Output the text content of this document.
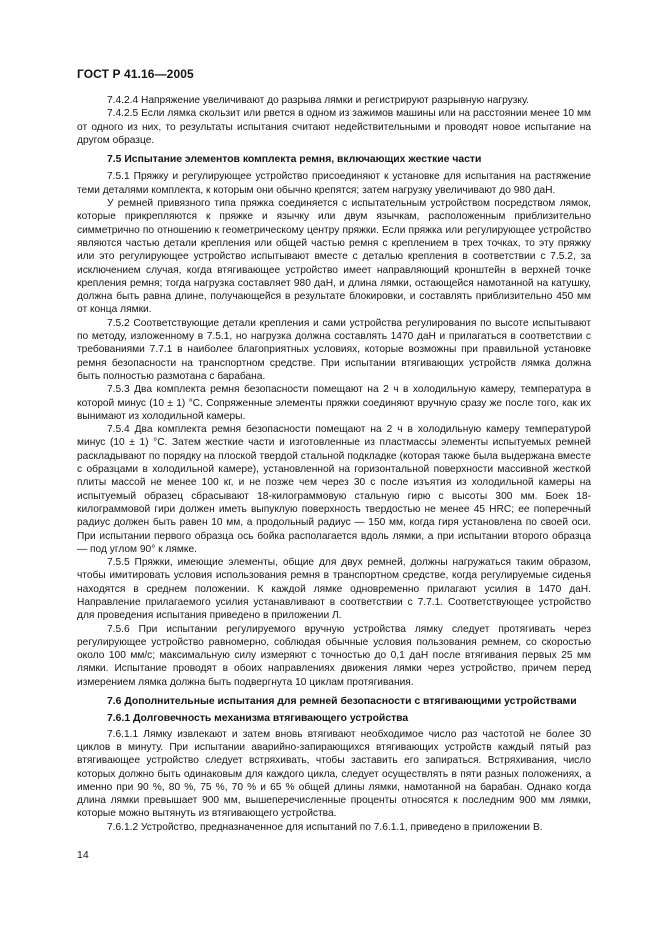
ГОСТ Р 41.16—2005

7.4.2.4 Напряжение увеличивают до разрыва лямки и регистрируют разрывную нагрузку.

7.4.2.5 Если лямка скользит или рвется в одном из зажимов машины или на расстоянии менее 10 мм от одного из них, то результаты испытания считают недействительными и проводят новое испытание на другом образце.

7.5 Испытание элементов комплекта ремня, включающих жесткие части

7.5.1 Пряжку и регулирующее устройство присоединяют к установке для испытания на растяжение теми деталями комплекта, к которым они обычно крепятся; затем нагрузку увеличивают до 980 даН.

У ремней привязного типа пряжка соединяется с испытательным устройством посредством лямок, которые прикрепляются к пряжке и язычку или двум язычкам, расположенным приблизительно симметрично по отношению к геометрическому центру пряжки. Если пряжка или регулирующее устройство являются частью детали крепления или общей частью ремня с креплением в трех точках, то эту пряжку или это регулирующее устройство испытывают вместе с деталью крепления в соответствии с 7.5.2, за исключением случая, когда втягивающее устройство имеет направляющий кронштейн в верхней точке крепления ремня; тогда нагрузка составляет 980 даН, и длина лямки, остающейся намотанной на катушку, должна быть равна длине, получающейся в результате блокировки, и составлять приблизительно 450 мм от конца лямки.

7.5.2 Соответствующие детали крепления и сами устройства регулирования по высоте испытывают по методу, изложенному в 7.5.1, но нагрузка должна составлять 1470 даН и прилагаться в соответствии с требованиями 7.7.1 в наиболее благоприятных условиях, которые возможны при правильной установке ремня безопасности на транспортном средстве. При испытании втягивающих устройств лямка должна быть полностью размотана с барабана.

7.5.3 Два комплекта ремня безопасности помещают на 2 ч в холодильную камеру, температура в которой минус (10 ± 1) °С. Сопряженные элементы пряжки соединяют вручную сразу же после того, как их вынимают из холодильной камеры.

7.5.4 Два комплекта ремня безопасности помещают на 2 ч в холодильную камеру температурой минус (10 ± 1) °С. Затем жесткие части и изготовленные из пластмассы элементы испытуемых ремней раскладывают по порядку на плоской твердой стальной подкладке (которая также была выдержана вместе с образцами в холодильной камере), установленной на горизонтальной поверхности массивной жесткой плиты массой не менее 100 кг, и не позже чем через 30 с после изъятия из холодильной камеры на испытуемый образец сбрасывают 18-килограммовую стальную гирю с высоты 300 мм. Боек 18-килограммовой гири должен иметь выпуклую поверхность твердостью не менее 45 HRC; ее поперечный радиус должен быть равен 10 мм, а продольный радиус — 150 мм, когда гиря установлена по своей оси. При испытании первого образца ось бойка располагается вдоль лямки, а при испытании второго образца — под углом 90° к лямке.

7.5.5 Пряжки, имеющие элементы, общие для двух ремней, должны нагружаться таким образом, чтобы имитировать условия использования ремня в транспортном средстве, когда регулируемые сиденья находятся в среднем положении. К каждой лямке одновременно прилагают усилия в 1470 даН. Направление прилагаемого усилия устанавливают в соответствии с 7.7.1. Соответствующее устройство для проведения испытания приведено в приложении Л.

7.5.6 При испытании регулируемого вручную устройства лямку следует протягивать через регулирующее устройство равномерно, соблюдая обычные условия пользования ремнем, со скоростью около 100 мм/с; максимальную силу измеряют с точностью до 0,1 даН после втягивания первых 25 мм лямки. Испытание проводят в обоих направлениях движения лямки через устройство, причем перед измерением лямка должна быть подвергнута 10 циклам протягивания.

7.6 Дополнительные испытания для ремней безопасности с втягивающими устройствами
7.6.1 Долговечность механизма втягивающего устройства

7.6.1.1 Лямку извлекают и затем вновь втягивают необходимое число раз частотой не более 30 циклов в минуту. При испытании аварийно-запирающихся втягивающих устройств каждый пятый раз втягивающее устройство следует встряхивать, чтобы заставить его запираться. Встряхивания, число которых должно быть одинаковым для каждого цикла, следует осуществлять в пяти разных положениях, а именно при 90 %, 80 %, 75 %, 70 % и 65 % общей длины лямки, намотанной на барабан. Однако когда длина лямки превышает 900 мм, вышеперечисленные проценты относятся к последним 900 мм лямки, которые можно вытянуть из втягивающего устройства.

7.6.1.2 Устройство, предназначенное для испытаний по 7.6.1.1, приведено в приложении В.

14
